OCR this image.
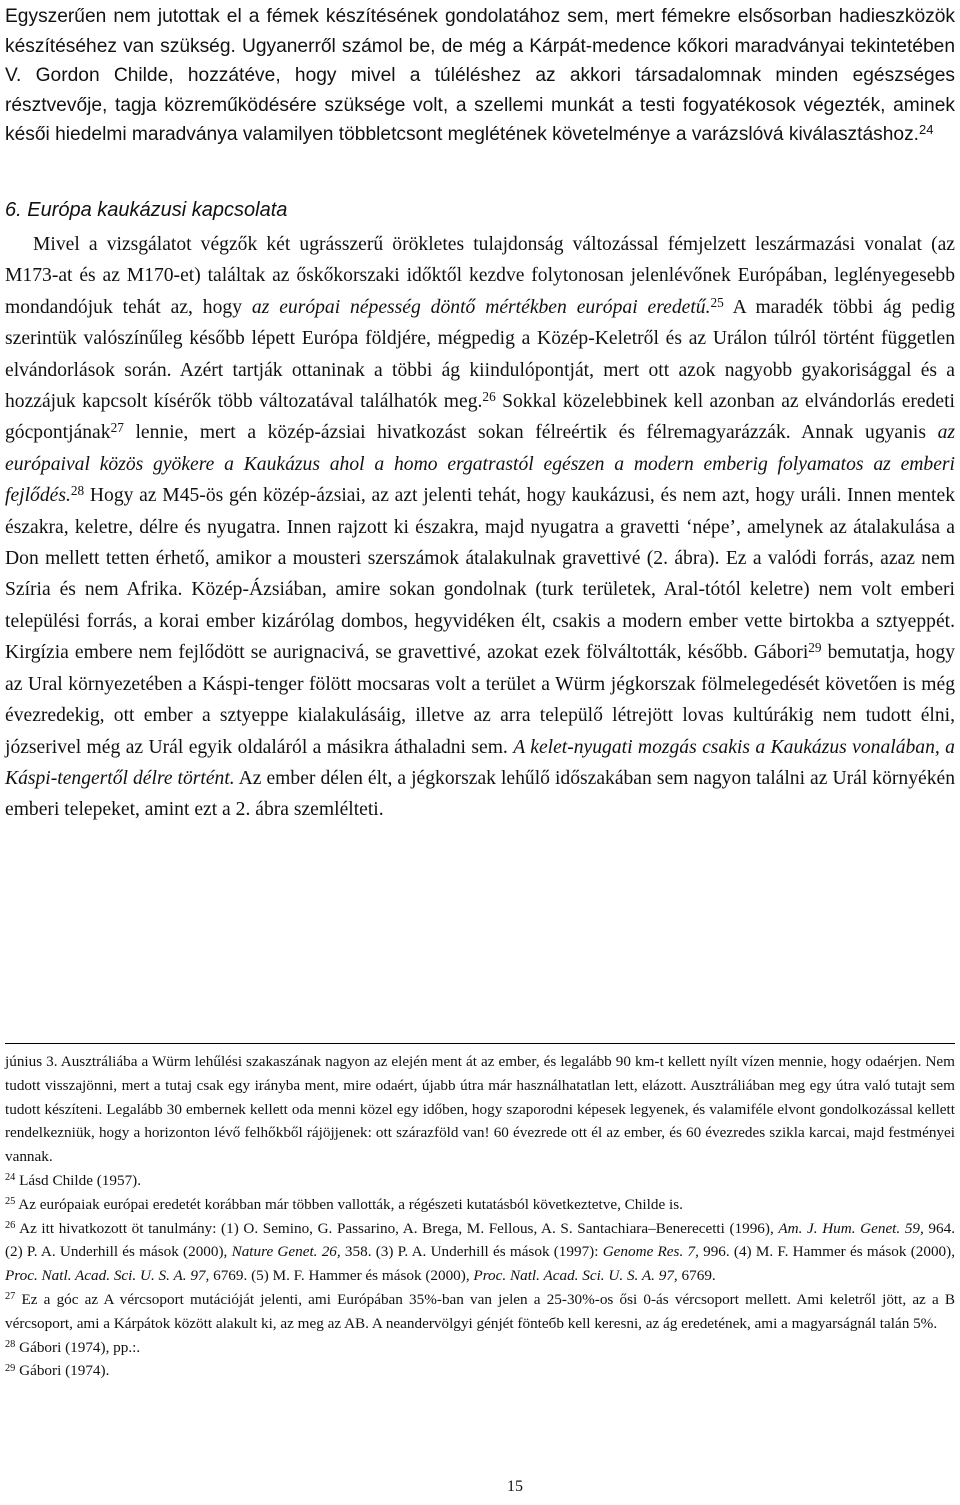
Egyszerűen nem jutottak el a fémek készítésének gondolatához sem, mert fémekre elsősorban hadieszközök készítéséhez van szükség. Ugyanerről számol be, de még a Kárpát-medence kőkori maradványai tekintetében V. Gordon Childe, hozzátéve, hogy mivel a túléléshez az akkori társadalomnak minden egészséges résztvevője, tagja közreműködésére szüksége volt, a szellemi munkát a testi fogyatékosok végezték, aminek késői hiedelmi maradványa valamilyen többletcsont meglétének követelménye a varázslóvá kiválasztáshoz.$^{24}$

6. Európa kaukázusi kapcsolata

Mivel a vizsgálatot végzők két ugrásszerű örökletes tulajdonság változással fémjelzett leszármazási vonalat (az M173-at és az M170-et) találtak az őskőkorszaki időktől kezdve folytonosan jelenlévőnek Európában, leglényegesebb mondandójuk tehát az, hogy az európai népesség döntő mértékben európai eredetű.$^{25}$ A maradék többi ág pedig szerintük valószínűleg később lépett Európa földjére, mégpedig a Közép-Keletről és az Urálon túlról történt független elvándorlások során. Azért tartják ottaninak a többi ág kiindulópontját, mert ott azok nagyobb gyakorisággal és a hozzájuk kapcsolt kísérők több változatával találhatók meg.$^{26}$ Sokkal közelebbinek kell azonban az elvándorlás eredeti gócpontjának$^{27}$ lennie, mert a közép-ázsiai hivatkozást sokan félreértik és félremagyarázzák. Annak ugyanis az európaival közös gyökere a Kaukázus ahol a homo ergatrastól egészen a modern emberig folyamatos az emberi fejlődés.$^{28}$ Hogy az M45-ös gén közép-ázsiai, az azt jelenti tehát, hogy kaukázusi, és nem azt, hogy uráli. Innen mentek északra, keletre, délre és nyugatra. Innen rajzott ki északra, majd nyugatra a gravetti ‘népe’, amelynek az átalakulása a Don mellett tetten érhető, amikor a mousteri szerszámok átalakulnak gravettivé (2. ábra). Ez a valódi forrás, azaz nem Szíria és nem Afrika. Közép-Ázsiában, amire sokan gondolnak (turk területek, Aral-tótól keletre) nem volt emberi települési forrás, a korai ember kizárólag dombos, hegyvidéken élt, csakis a modern ember vette birtokba a sztyeppét. Kirgízia embere nem fejlődött se aurignacivá, se gravettivé, azokat ezek fölváltották, később. Gábori$^{29}$ bemutatja, hogy az Ural környezetében a Káspi-tenger fölött mocsaras volt a terület a Würm jégkorszak fölmelegedését követően is még évezredekig, ott ember a sztyeppe kialakulásáig, illetve az arra települő létrejött lovas kultúrákig nem tudott élni, józserivel még az Urál egyik oldaláról a másikra áthaladni sem. A kelet-nyugati mozgás csakis a Kaukázus vonalában, a Káspi-tengertől délre történt. Az ember délen élt, a jégkorszak lehűlő időszakában sem nagyon találni az Urál környékén emberi telepeket, amint ezt a 2. ábra szemlélteti.

június 3. Ausztráliába a Würm lehűlési szakaszának nagyon az elején ment át az ember, és legalább 90 km-t kellett nyílt vízen mennie, hogy odaérjen. Nem tudott visszajönni, mert a tutaj csak egy irányba ment, mire odaért, újabb útra már használhatatlan lett, elázott. Ausztráliában meg egy útra való tutajt sem tudott készíteni. Legalább 30 embernek kellett oda menni közel egy időben, hogy szaporodni képesek legyenek, és valamiféle elvont gondolkozással kellett rendelkezniük, hogy a horizonton lévő felhőkből rájöjjenek: ott szárazföld van! 60 évezrede ott él az ember, és 60 évezredes szikla karcai, majd festményei vannak.

$^{24}$ Lásd Childe (1957).

$^{25}$ Az európaiak európai eredetét korábban már többen vallották, a régészeti kutatásból következtetve, Childe is.

$^{26}$ Az itt hivatkozott öt tanulmány: (1) O. Semino, G. Passarino, A. Brega, M. Fellous, A. S. Santachiara–Benerecetti (1996), Am. J. Hum. Genet. 59, 964. (2) P. A. Underhill és mások (2000), Nature Genet. 26, 358. (3) P. A. Underhill és mások (1997): Genome Res. 7, 996. (4) M. F. Hammer és mások (2000), Proc. Natl. Acad. Sci. U. S. A. 97, 6769. (5) M. F. Hammer és mások (2000), Proc. Natl. Acad. Sci. U. S. A. 97, 6769.

$^{27}$ Ez a góc az A vércsoport mutációját jelenti, ami Európában 35%-ban van jelen a 25-30%-os ősi 0-ás vércsoport mellett. Ami keletről jött, az a B vércsoport, ami a Kárpátok között alakult ki, az meg az AB. A neandervölgyi génjét fönteбb kell keresni, az ág eredetének, ami a magyarságnál talán 5%.

$^{28}$ Gábori (1974), pp.:.

$^{29}$ Gábori (1974).

15
